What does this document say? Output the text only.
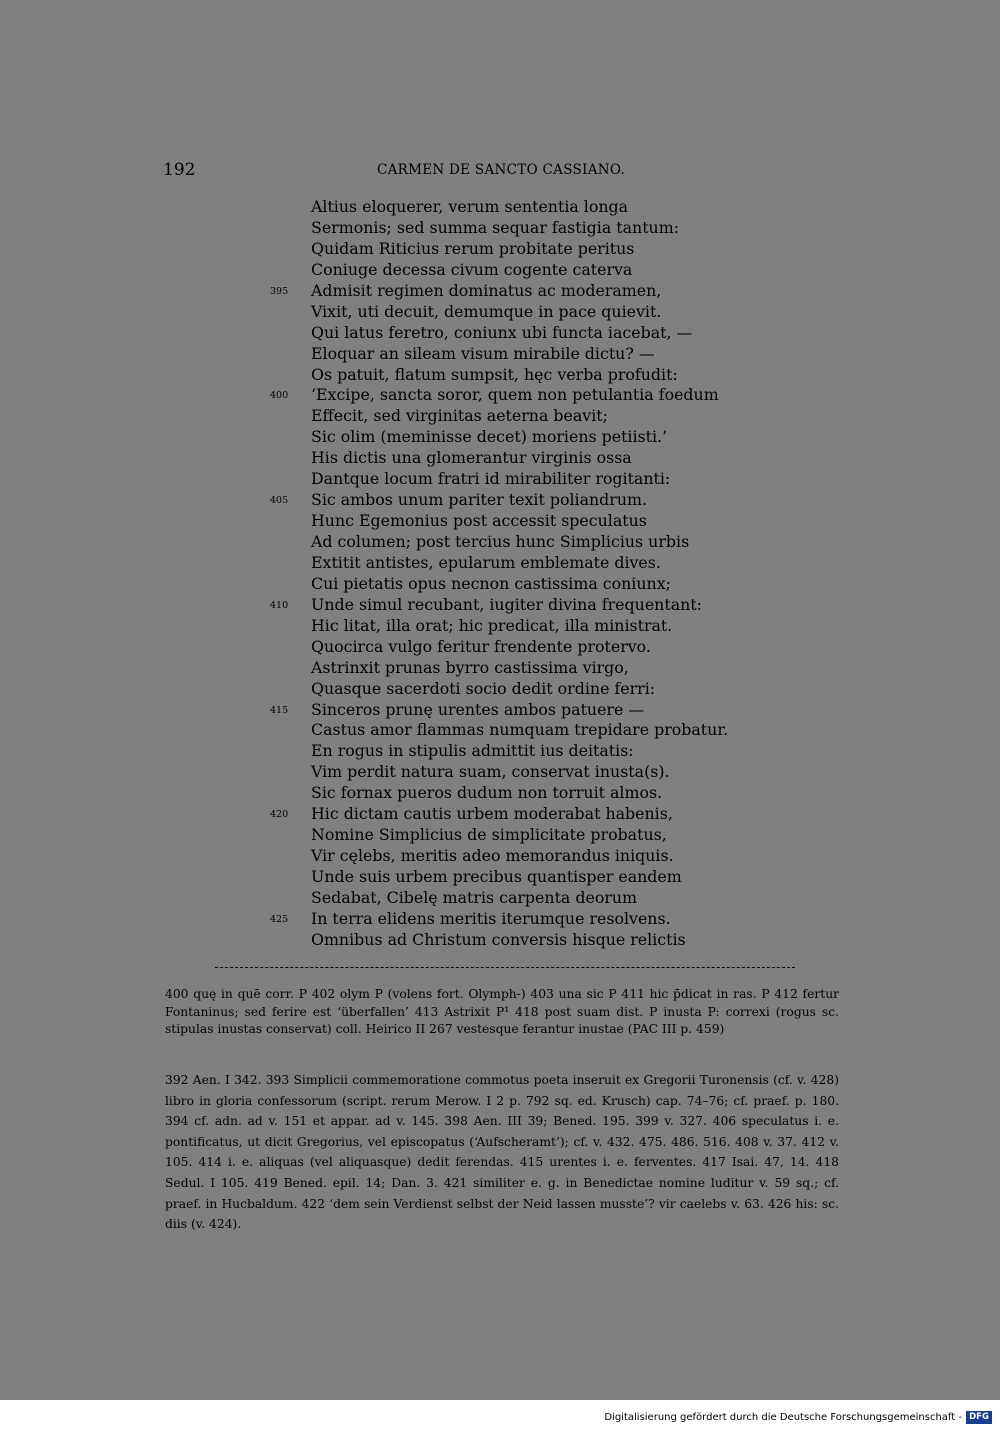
192	CARMEN DE SANCTO CASSIANO.
Altius eloquerer, verum sententia longa
Sermonis; sed summa sequar fastigia tantum:
Quidam Riticius rerum probitate peritus
Coniuge decessa civum cogente caterva
395	Admisit regimen dominatus ac moderamen,
Vixit, uti decuit, demumque in pace quievit.
Qui latus feretro, coniunx ubi functa iacebat, —
Eloquar an sileam visum mirabile dictu? —
Os patuit, flatum sumpsit, hęc verba profudit:
400	‘Excipe, sancta soror, quem non petulantia foedum
Effecit, sed virginitas aeterna beavit;
Sic olim (meminisse decet) moriens petiisti.’
His dictis una glomerantur virginis ossa
Dantque locum fratri id mirabiliter rogitanti:
405	Sic ambos unum pariter texit poliandrum.
Hunc Egemonius post accessit speculatus
Ad columen; post tercius hunc Simplicius urbis
Extitit antistes, epularum emblemate dives.
Cui pietatis opus necnon castissima coniunx;
410	Unde simul recubant, iugiter divina frequentant:
Hic litat, illa orat; hic predicat, illa ministrat.
Quocirca vulgo feritur frendente protervo.
Astrinxit prunas byrro castissima virgo,
Quasque sacerdoti socio dedit ordine ferri:
415	Sinceros prunę urentes ambos patuere —
Castus amor flammas numquam trepidare probatur.
En rogus in stipulis admittit ius deitatis:
Vim perdit natura suam, conservat inusta(s).
Sic fornax pueros dudum non torruit almos.
420	Hic dictam cautis urbem moderabat habenis,
Nomine Simplicius de simplicitate probatus,
Vir cęlebs, meritis adeo memorandus iniquis.
Unde suis urbem precibus quantisper eandem
Sedabat, Cibelę matris carpenta deorum
425	In terra elidens meritis iterumque resolvens.
Omnibus ad Christum conversis hisque relictis
400 quę in quē corr. P 402 olym P (volens fort. Olymph-) 403 una sic P 411 hic p̄dicat in ras. P 412 fertur Fontaninus; sed ferire est ‘überfallen’ 413 Astrixit P¹ 418 post suam dist. P inusta P: correxi (rogus sc. stipulas inustas conservat) coll. Heirico II 267 vestesque ferantur inustae (PAC III p. 459)
392 Aen. I 342. 393 Simplicii commemoratione commotus poeta inseruit ex Gregorii Turonensis (cf. v. 428) libro in gloria confessorum (script. rerum Merow. I 2 p. 792 sq. ed. Krusch) cap. 74–76; cf. praef. p. 180. 394 cf. adn. ad v. 151 et appar. ad v. 145. 398 Aen. III 39; Bened. 195. 399 v. 327. 406 speculatus i. e. pontificatus, ut dicit Gregorius, vel episcopatus (‘Aufscheramt’); cf. v. 432. 475. 486. 516. 408 v. 37. 412 v. 105. 414 i. e. aliquas (vel aliquasque) dedit ferendas. 415 urentes i. e. ferventes. 417 Isai. 47, 14. 418 Sedul. I 105. 419 Bened. epil. 14; Dan. 3. 421 similiter e. g. in Benedictae nomine luditur v. 59 sq.; cf. praef. in Hucbaldum. 422 ‘dem sein Verdienst selbst der Neid lassen musste’? vir caelebs v. 63. 426 his: sc. diis (v. 424).
Digitalisierung gefördert durch die Deutsche Forschungsgemeinschaft - DFG
